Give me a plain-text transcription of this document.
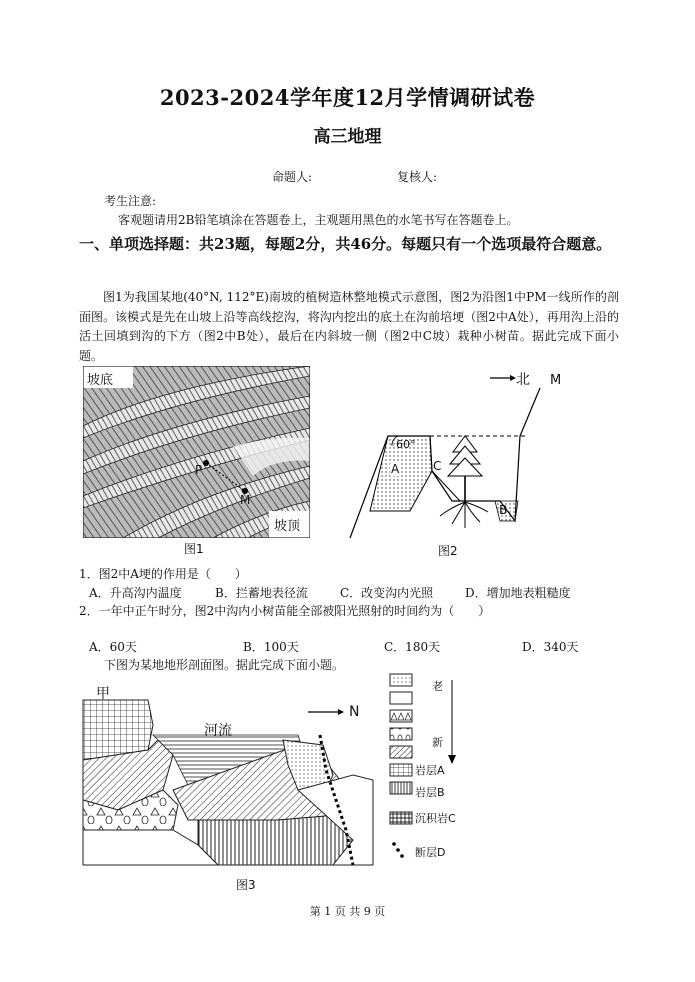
2023-2024学年度12月学情调研试卷
高三地理
命题人:	复核人:
考生注意:
客观题请用2B铅笔填涂在答题卷上，主观题用黑色的水笔书写在答题卷上。
一、单项选择题：共23题，每题2分，共46分。每题只有一个选项最符合题意。
图1为我国某地(40°N, 112°E)南坡的植树造林整地模式示意图，图2为沿图1中PM一线所作的剖面图。该模式是先在山坡上沿等高线挖沟，将沟内挖出的底土在沟前培埂（图2中A处），再用沟上沿的活土回填到沟的下方（图2中B处），最后在内斜坡一侧（图2中C坡）栽种小树苗。据此完成下面小题。
坡底
坡顶
P
M
图1
北 M
60°
A	C
B
图2
1．图2中A埂的作用是（　　）
A．升高沟内温度	B．拦蓄地表径流	C．改变沟内光照	D．增加地表粗糙度
2．一年中正午时分，图2中沟内小树苗能全部被阳光照射的时间约为（　　）
A．60天	B．100天	C．180天	D．340天
下图为某地地形剖面图。据此完成下面小题。
甲
河流
N
图3
老
新
岩层A
岩层B
沉积岩C
断层D
第 1 页 共 9 页
